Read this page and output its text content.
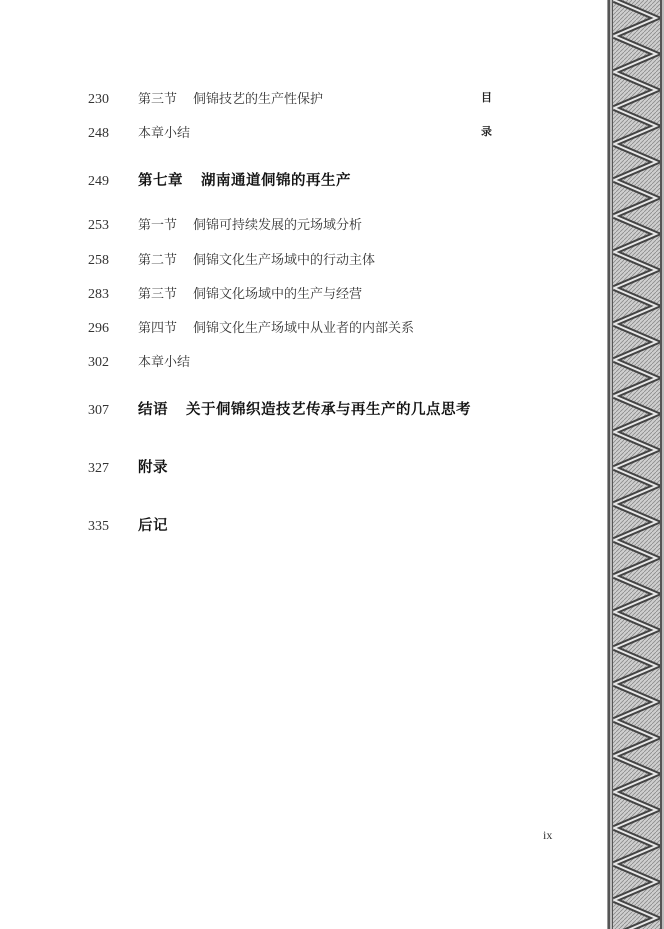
230	第三节 侗锦技艺的生产性保护
248	本章小结
249	第七章 湖南通道侗锦的再生产
253	第一节 侗锦可持续发展的元场域分析
258	第二节 侗锦文化生产场域中的行动主体
283	第三节 侗锦文化场域中的生产与经营
296	第四节 侗锦文化生产场域中从业者的内部关系
302	本章小结
307	结语 关于侗锦织造技艺传承与再生产的几点思考
327	附录
335	后记
目
录
ix
